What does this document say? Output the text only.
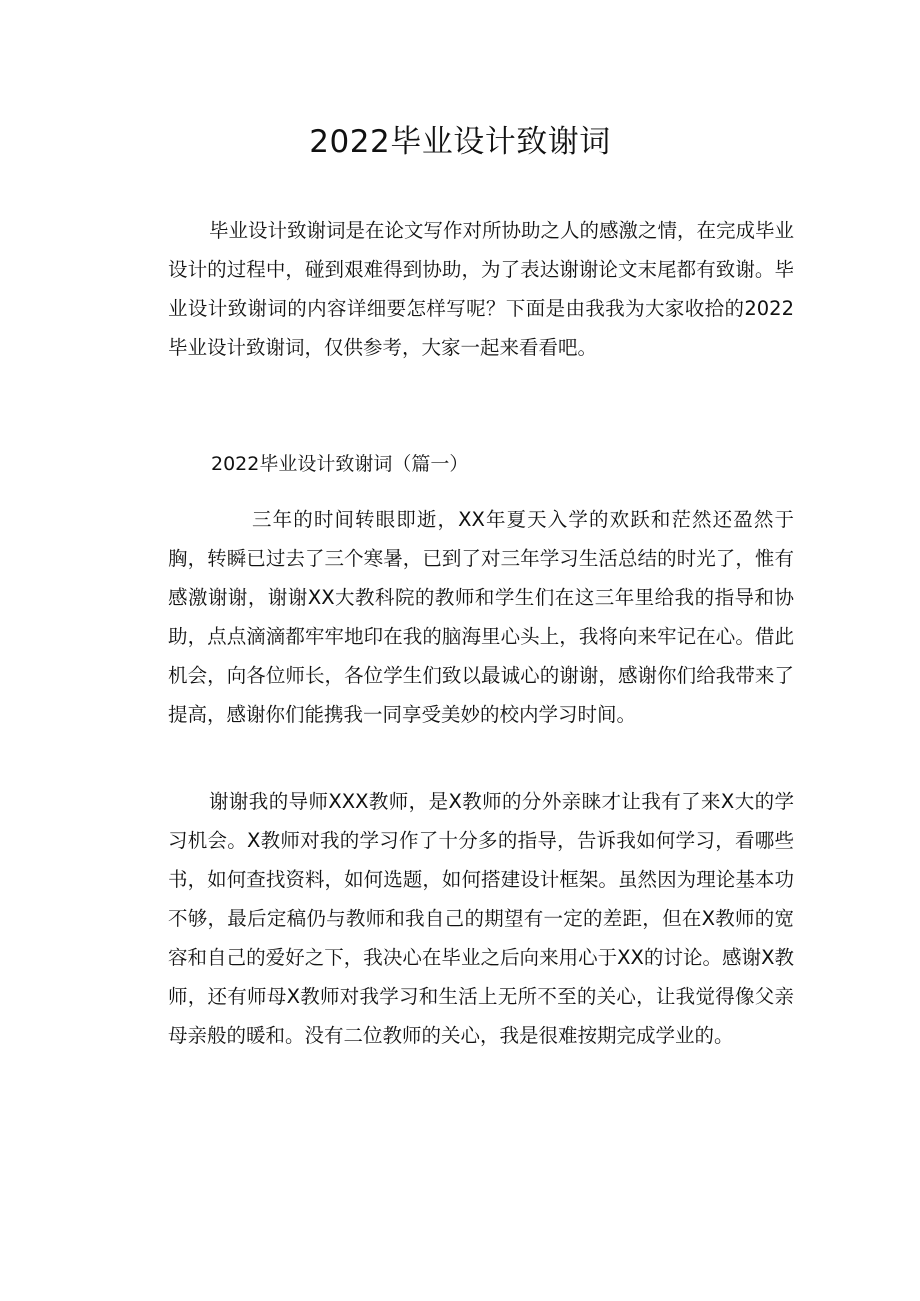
2022毕业设计致谢词

毕业设计致谢词是在论文写作对所协助之人的感激之情，在完成毕业设计的过程中，碰到艰难得到协助，为了表达谢谢论文末尾都有致谢。毕业设计致谢词的内容详细要怎样写呢？下面是由我我为大家收拾的2022毕业设计致谢词，仅供参考，大家一起来看看吧。

2022毕业设计致谢词（篇一）

三年的时间转眼即逝，XX年夏天入学的欢跃和茫然还盈然于胸，转瞬已过去了三个寒暑，已到了对三年学习生活总结的时光了，惟有感激谢谢，谢谢XX大教科院的教师和学生们在这三年里给我的指导和协助，点点滴滴都牢牢地印在我的脑海里心头上，我将向来牢记在心。借此机会，向各位师长，各位学生们致以最诚心的谢谢，感谢你们给我带来了提高，感谢你们能携我一同享受美妙的校内学习时间。

谢谢我的导师XXX教师，是X教师的分外亲睐才让我有了来X大的学习机会。X教师对我的学习作了十分多的指导，告诉我如何学习，看哪些书，如何查找资料，如何选题，如何搭建设计框架。虽然因为理论基本功不够，最后定稿仍与教师和我自己的期望有一定的差距，但在X教师的宽容和自己的爱好之下，我决心在毕业之后向来用心于XX的讨论。感谢X教师，还有师母X教师对我学习和生活上无所不至的关心，让我觉得像父亲母亲般的暖和。没有二位教师的关心，我是很难按期完成学业的。
